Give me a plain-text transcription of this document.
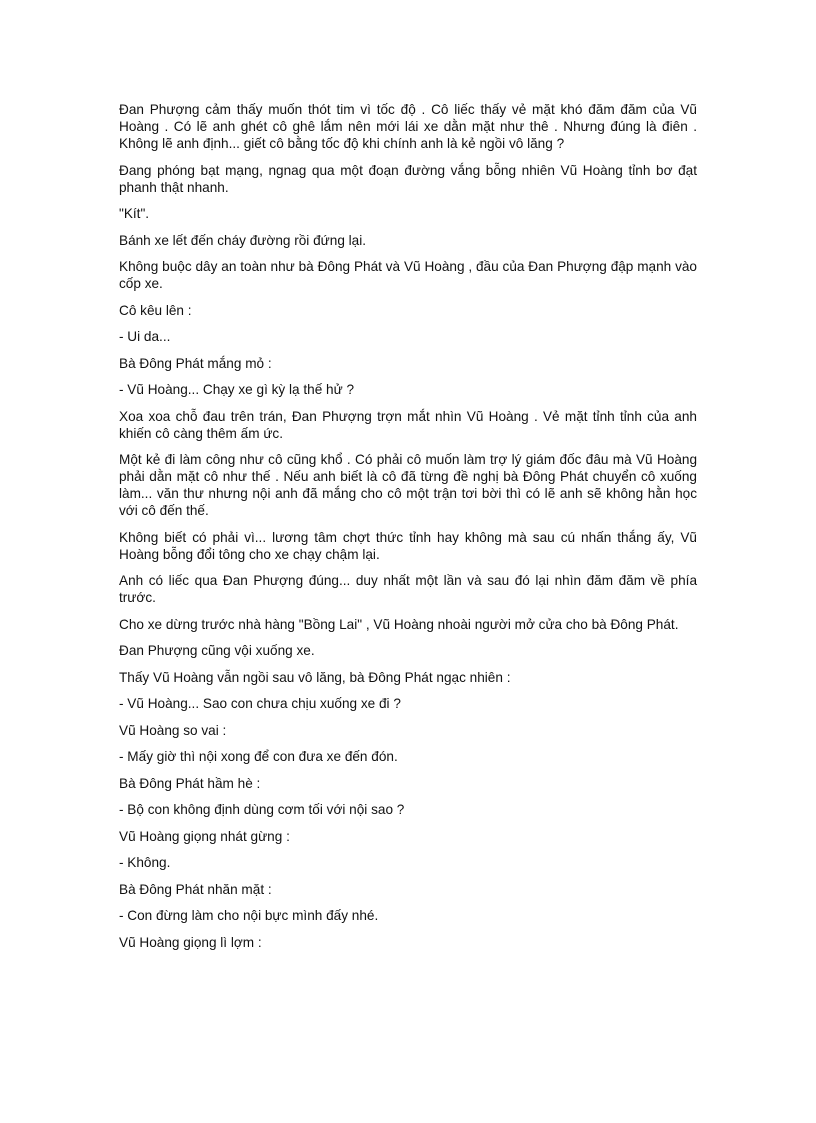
Đan Phượng cảm thấy muốn thót tim vì tốc độ . Cô liếc thấy vẻ mặt khó đăm đăm của Vũ Hoàng . Có lẽ anh ghét cô ghê lắm nên mới lái xe dằn mặt như thê . Nhưng đúng là điên . Không lẽ anh định... giết cô bằng tốc độ khi chính anh là kẻ ngồi vô lăng ?

Đang phóng bạt mạng, ngnag qua một đoạn đường vắng bỗng nhiên Vũ Hoàng tỉnh bơ đạt phanh thật nhanh.

"Kít".

Bánh xe lết đến cháy đường rồi đứng lại.

Không buộc dây an toàn như bà Đông Phát và Vũ Hoàng , đầu của Đan Phượng đập mạnh vào cốp xe.

Cô kêu lên :

- Ui da...

Bà Đông Phát mắng mỏ :

- Vũ Hoàng... Chạy xe gì kỳ lạ thế hử ?

Xoa xoa chỗ đau trên trán, Đan Phượng trợn mắt nhìn Vũ Hoàng . Vẻ mặt tỉnh tỉnh của anh khiến cô càng thêm ấm ức.

Một kẻ đi làm công như cô cũng khổ . Có phải cô muốn làm trợ lý giám đốc đâu mà Vũ Hoàng phải dằn mặt cô như thế . Nếu anh biết là cô đã từng đề nghị bà Đông Phát chuyển cô xuống làm... văn thư nhưng nội anh đã mắng cho cô một trận tơi bời thì có lẽ anh sẽ không hằn học với cô đến thế.

Không biết có phải vì... lương tâm chợt thức tỉnh hay không mà sau cú nhấn thắng ấy, Vũ Hoàng bỗng đổi tông cho xe chạy chậm lại.

Anh có liếc qua Đan Phượng đúng... duy nhất một lần và sau đó lại nhìn đăm đăm về phía trước.

Cho xe dừng trước nhà hàng "Bồng Lai" , Vũ Hoàng nhoài người mở cửa cho bà Đông Phát.

Đan Phượng cũng vội xuống xe.

Thấy Vũ Hoàng vẫn ngồi sau vô lăng, bà Đông Phát ngạc nhiên :

- Vũ Hoàng... Sao con chưa chịu xuống xe đi ?

Vũ Hoàng so vai :

- Mấy giờ thì nội xong để con đưa xe đến đón.

Bà Đông Phát hầm hè :

- Bộ con không định dùng cơm tối với nội sao ?

Vũ Hoàng giọng nhát gừng :

- Không.

Bà Đông Phát nhăn mặt :

- Con đừng làm cho nội bực mình đấy nhé.

Vũ Hoàng giọng lì lợm :
